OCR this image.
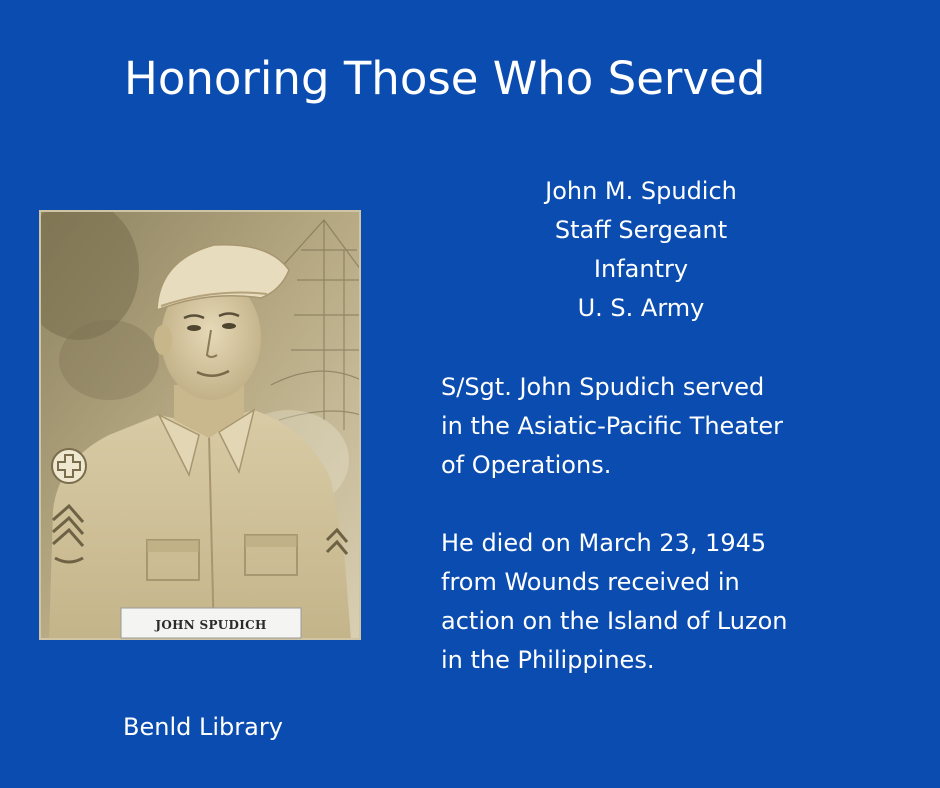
Honoring Those Who Served
John M. Spudich
Staff Sergeant
Infantry
U. S. Army
S/Sgt. John Spudich served
in the Asiatic-Pacific Theater
of Operations.
He died on March 23, 1945
from Wounds received in
action on the Island of Luzon
in the Philippines.
JOHN SPUDICH
Benld Library
